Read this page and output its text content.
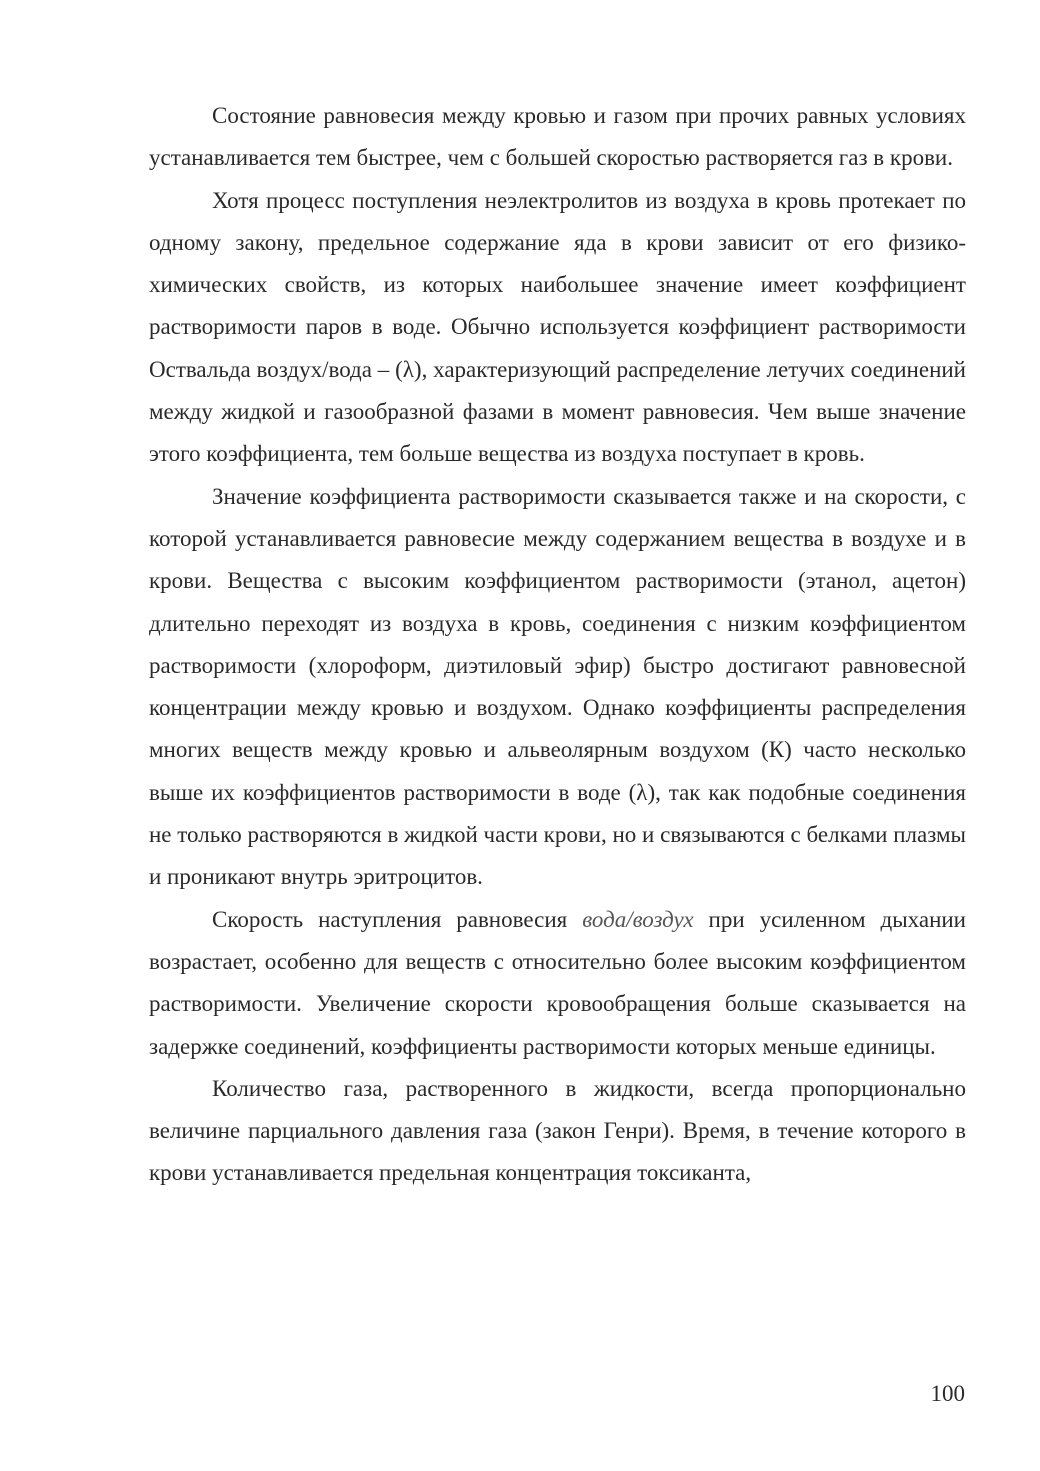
Состояние равновесия между кровью и газом при прочих равных условиях устанавливается тем быстрее, чем с большей скоростью растворяется газ в крови.

Хотя процесс поступления неэлектролитов из воздуха в кровь протекает по одному закону, предельное содержание яда в крови зависит от его физико-химических свойств, из которых наибольшее значение имеет коэффициент растворимости паров в воде. Обычно используется коэффициент растворимости Оствальда воздух/вода – (λ), характеризующий распределение летучих соединений между жидкой и газообразной фазами в момент равновесия. Чем выше значение этого коэффициента, тем больше вещества из воздуха поступает в кровь.

Значение коэффициента растворимости сказывается также и на скорости, с которой устанавливается равновесие между содержанием вещества в воздухе и в крови. Вещества с высоким коэффициентом растворимости (этанол, ацетон) длительно переходят из воздуха в кровь, соединения с низким коэффициентом растворимости (хлороформ, диэтиловый эфир) быстро достигают равновесной концентрации между кровью и воздухом. Однако коэффициенты распределения многих веществ между кровью и альвеолярным воздухом (К) часто несколько выше их коэффициентов растворимости в воде (λ), так как подобные соединения не только растворяются в жидкой части крови, но и связываются с белками плазмы и проникают внутрь эритроцитов.

Скорость наступления равновесия вода/воздух при усиленном дыхании возрастает, особенно для веществ с относительно более высоким коэффициентом растворимости. Увеличение скорости кровообращения больше сказывается на задержке соединений, коэффициенты растворимости которых меньше единицы.

Количество газа, растворенного в жидкости, всегда пропорционально величине парциального давления газа (закон Генри). Время, в течение которого в крови устанавливается предельная концентрация токсиканта,

100
